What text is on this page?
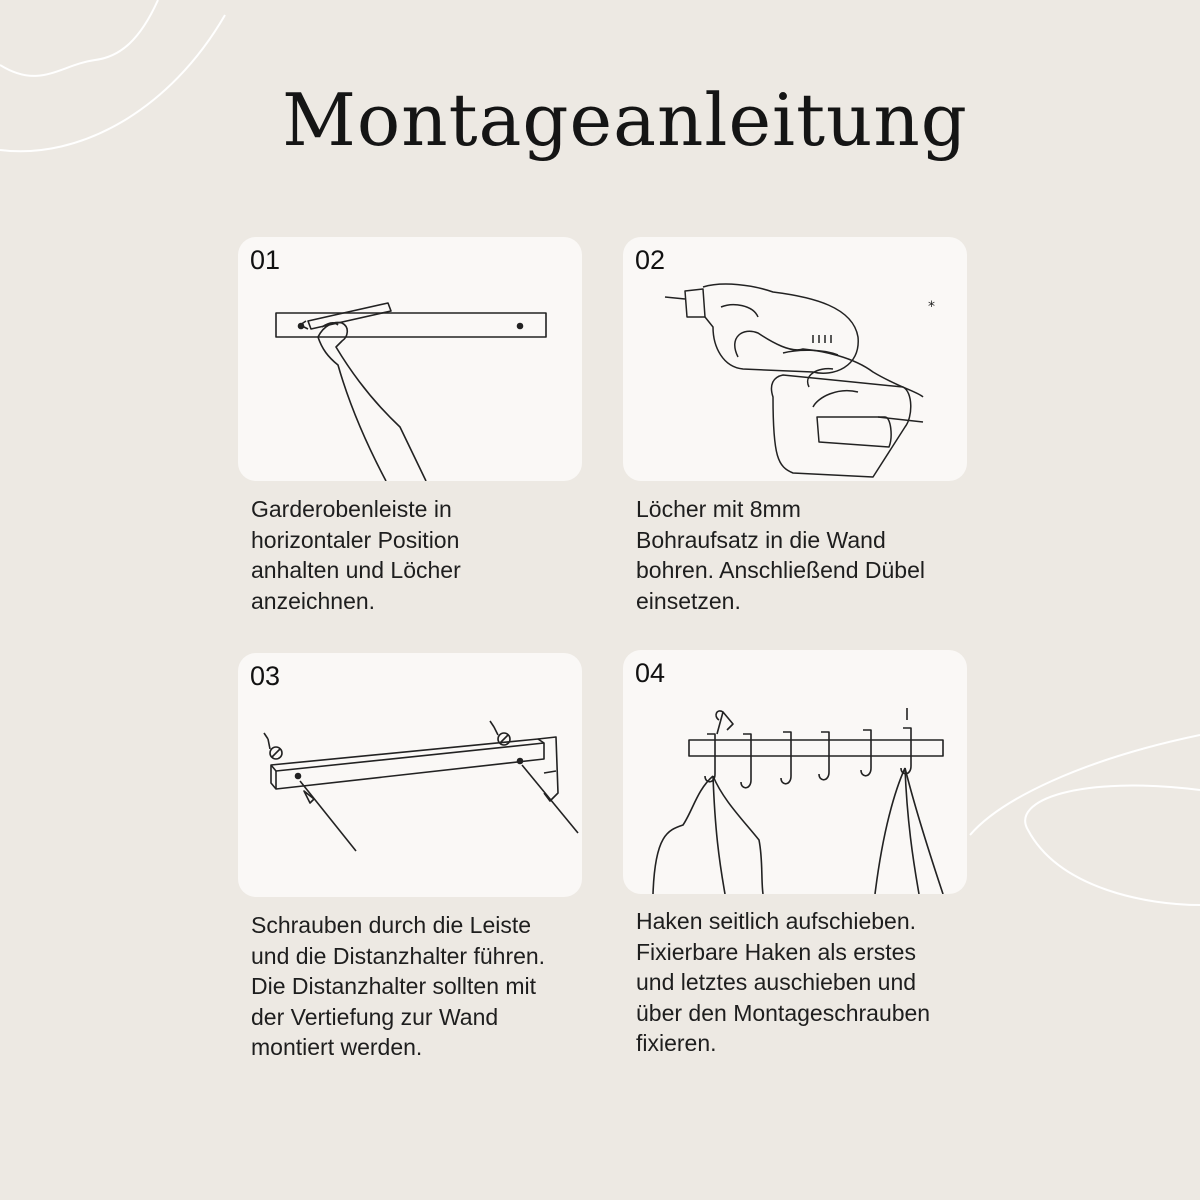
Montageanleitung
01
Garderobenleiste in
horizontaler Position
anhalten und Löcher
anzeichnen.
02
*
Löcher mit 8mm
Bohraufsatz in die Wand
bohren. Anschließend Dübel
einsetzen.
03
Schrauben durch die Leiste
und die Distanzhalter führen.
Die Distanzhalter sollten mit
der Vertiefung zur Wand
montiert werden.
04
Haken seitlich aufschieben.
Fixierbare Haken als erstes
und letztes auschieben und
über den Montageschrauben
fixieren.
